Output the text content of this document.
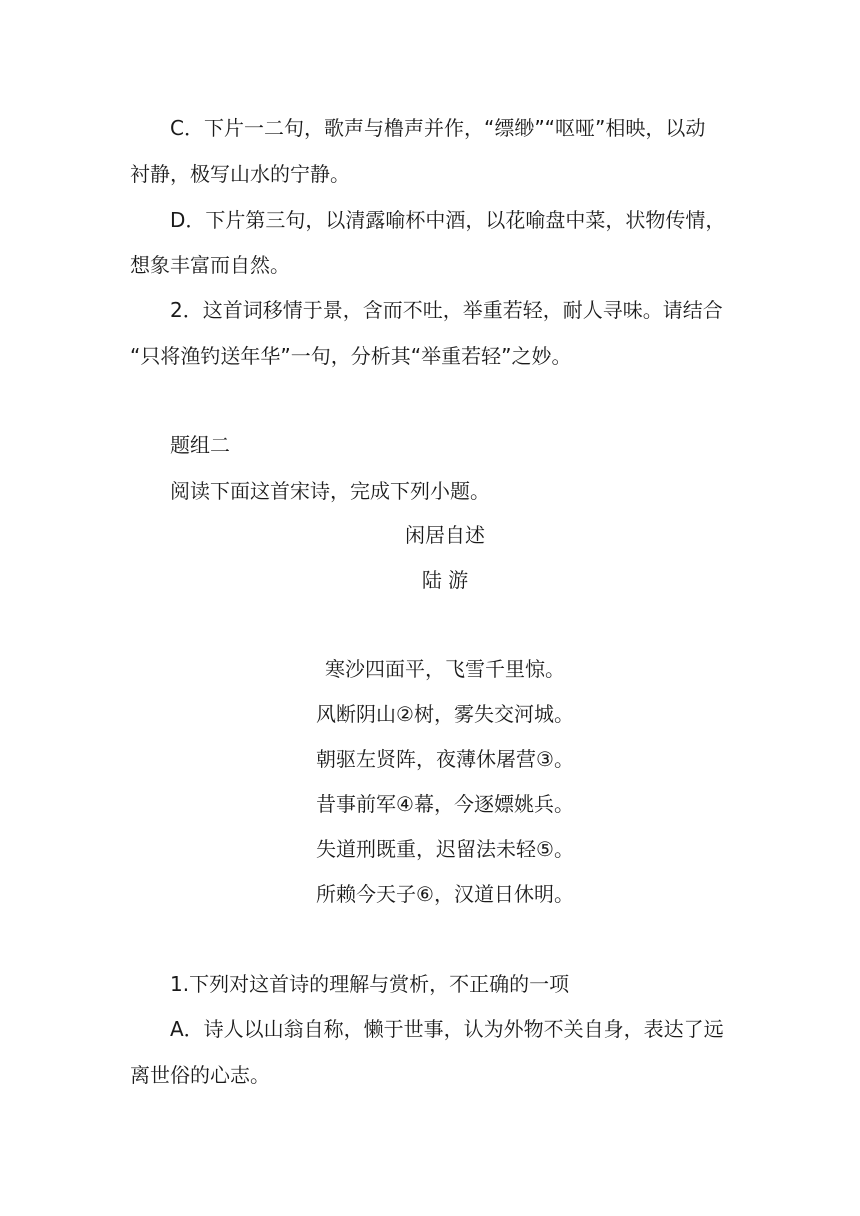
C．下片一二句，歌声与橹声并作，“缥缈”“呕哑”相映，以动
衬静，极写山水的宁静。
D．下片第三句，以清露喻杯中酒，以花喻盘中菜，状物传情，
想象丰富而自然。
2．这首词移情于景，含而不吐，举重若轻，耐人寻味。请结合
“只将渔钓送年华”一句，分析其“举重若轻”之妙。
题组二
阅读下面这首宋诗，完成下列小题。
闲居自述
陆 游
寒沙四面平，飞雪千里惊。
风断阴山②树，雾失交河城。
朝驱左贤阵，夜薄休屠营③。
昔事前军④幕，今逐嫖姚兵。
失道刑既重，迟留法未轻⑤。
所赖今天子⑥，汉道日休明。
1.下列对这首诗的理解与赏析，不正确的一项
A．诗人以山翁自称，懒于世事，认为外物不关自身，表达了远
离世俗的心志。
